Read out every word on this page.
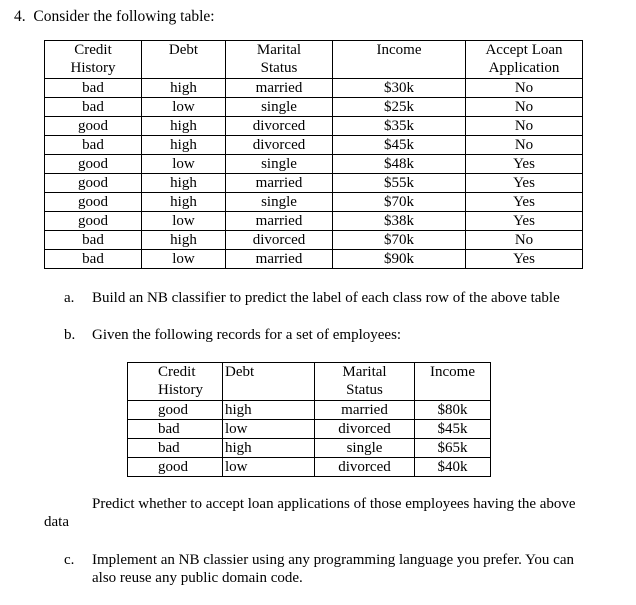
4. Consider the following table:
Credit History	Debt	Marital Status	Income	Accept Loan Application
bad	high	married	$30k	No
bad	low	single	$25k	No
good	high	divorced	$35k	No
bad	high	divorced	$45k	No
good	low	single	$48k	Yes
good	high	married	$55k	Yes
good	high	single	$70k	Yes
good	low	married	$38k	Yes
bad	high	divorced	$70k	No
bad	low	married	$90k	Yes
a. Build an NB classifier to predict the label of each class row of the above table
b. Given the following records for a set of employees:
Credit History	Debt	Marital Status	Income
good	high	married	$80k
bad	low	divorced	$45k
bad	high	single	$65k
good	low	divorced	$40k
Predict whether to accept loan applications of those employees having the above
data
c. Implement an NB classier using any programming language you prefer. You can
also reuse any public domain code.
